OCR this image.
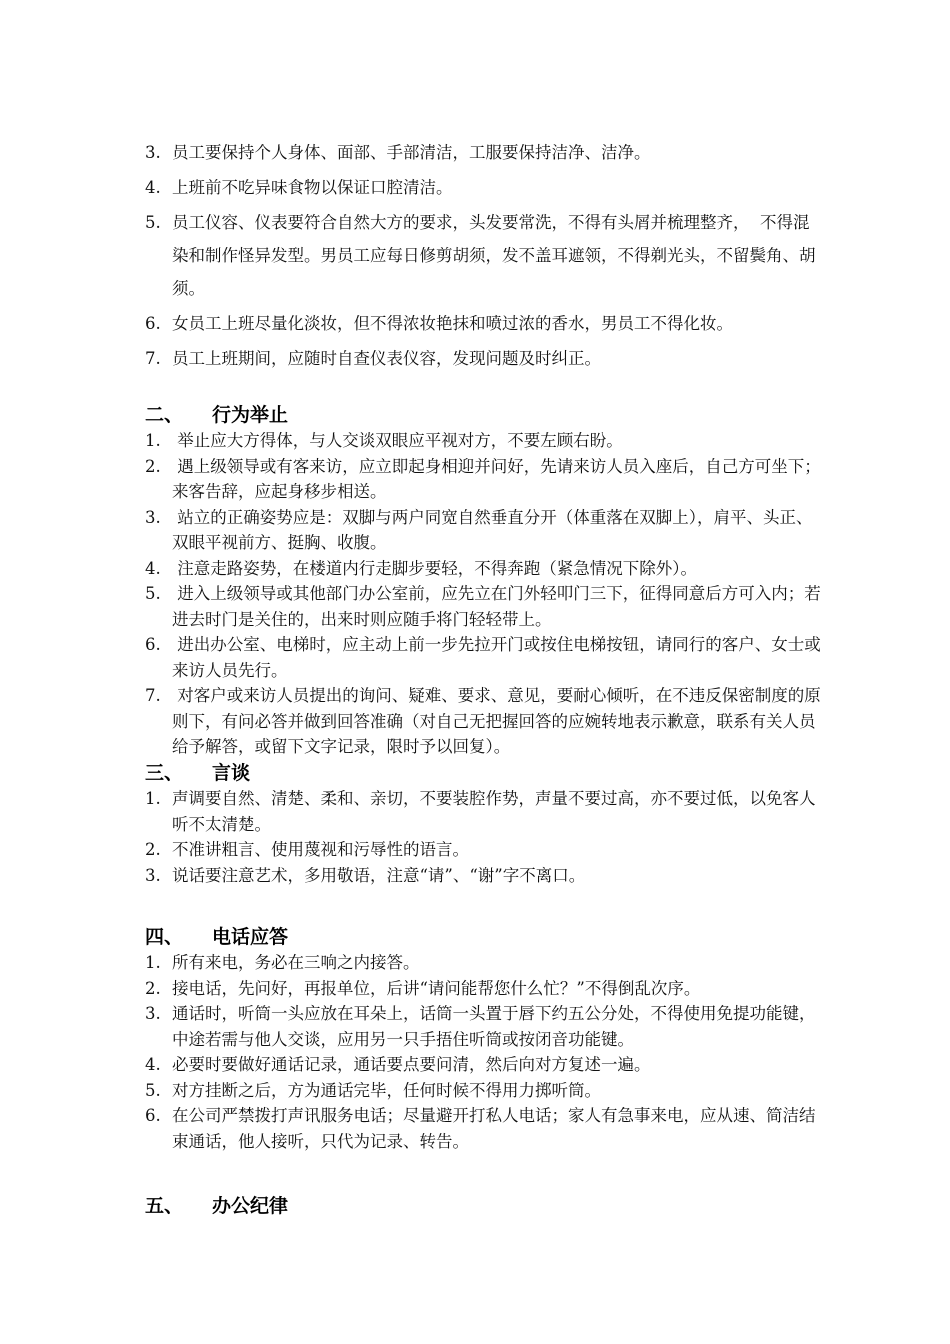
3. 员工要保持个人身体、面部、手部清洁，工服要保持洁净、洁净。
4. 上班前不吃异味食物以保证口腔清洁。
5. 员工仪容、仪表要符合自然大方的要求，头发要常洗，不得有头屑并梳理整齐，  不得混染和制作怪异发型。男员工应每日修剪胡须，发不盖耳遮领，不得剃光头，不留鬓角、胡须。
6. 女员工上班尽量化淡妆，但不得浓妆艳抹和喷过浓的香水，男员工不得化妆。
7. 员工上班期间，应随时自查仪表仪容，发现问题及时纠正。
二、	行为举止
1. 举止应大方得体，与人交谈双眼应平视对方，不要左顾右盼。
2. 遇上级领导或有客来访，应立即起身相迎并问好，先请来访人员入座后，自己方可坐下；来客告辞，应起身移步相送。
3. 站立的正确姿势应是：双脚与两户同宽自然垂直分开（体重落在双脚上），肩平、头正、双眼平视前方、挺胸、收腹。
4. 注意走路姿势，在楼道内行走脚步要轻，不得奔跑（紧急情况下除外）。
5. 进入上级领导或其他部门办公室前，应先立在门外轻叩门三下，征得同意后方可入内；若进去时门是关住的，出来时则应随手将门轻轻带上。
6. 进出办公室、电梯时，应主动上前一步先拉开门或按住电梯按钮，请同行的客户、女士或来访人员先行。
7. 对客户或来访人员提出的询问、疑难、要求、意见，要耐心倾听，在不违反保密制度的原则下，有问必答并做到回答准确（对自己无把握回答的应婉转地表示歉意，联系有关人员给予解答，或留下文字记录，限时予以回复）。
三、	言谈
1. 声调要自然、清楚、柔和、亲切，不要装腔作势，声量不要过高，亦不要过低，以免客人听不太清楚。
2. 不准讲粗言、使用蔑视和污辱性的语言。
3. 说话要注意艺术，多用敬语，注意“请”、“谢”字不离口。
四、	电话应答
1. 所有来电，务必在三响之内接答。
2. 接电话，先问好，再报单位，后讲“请问能帮您什么忙？”不得倒乱次序。
3. 通话时，听筒一头应放在耳朵上，话筒一头置于唇下约五公分处，不得使用免提功能键，中途若需与他人交谈，应用另一只手捂住听筒或按闭音功能键。
4. 必要时要做好通话记录，通话要点要问清，然后向对方复述一遍。
5. 对方挂断之后，方为通话完毕，任何时候不得用力掷听筒。
6. 在公司严禁拨打声讯服务电话；尽量避开打私人电话；家人有急事来电，应从速、简洁结束通话，他人接听，只代为记录、转告。
五、	办公纪律
